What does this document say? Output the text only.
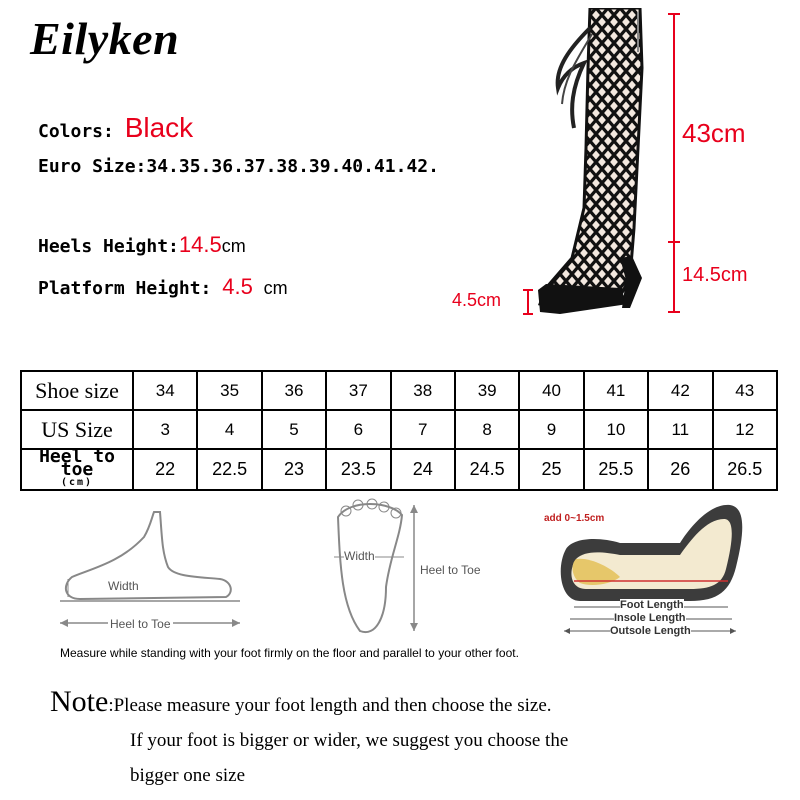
Eilyken
Colors: Black
Euro Size:34.35.36.37.38.39.40.41.42.
Heels Height:14.5cm
Platform Height: 4.5 cm
43cm
14.5cm
4.5cm
Shoe size	34	35	36	37	38	39	40	41	42	43
US Size	3	4	5	6	7	8	9	10	11	12

Heel to toe
(cm)	22	22.5	23	23.5	24	24.5	25	25.5	26	26.5
Width
Heel to Toe
Width
Heel to Toe
add 0~1.5cm
Foot Length
Insole Length
Outsole Length
Measure while standing with your foot firmly on the floor and parallel to your other foot.
Note:Please measure your foot length and then choose the size.
If your foot is bigger or wider, we suggest you choose the
bigger one size
